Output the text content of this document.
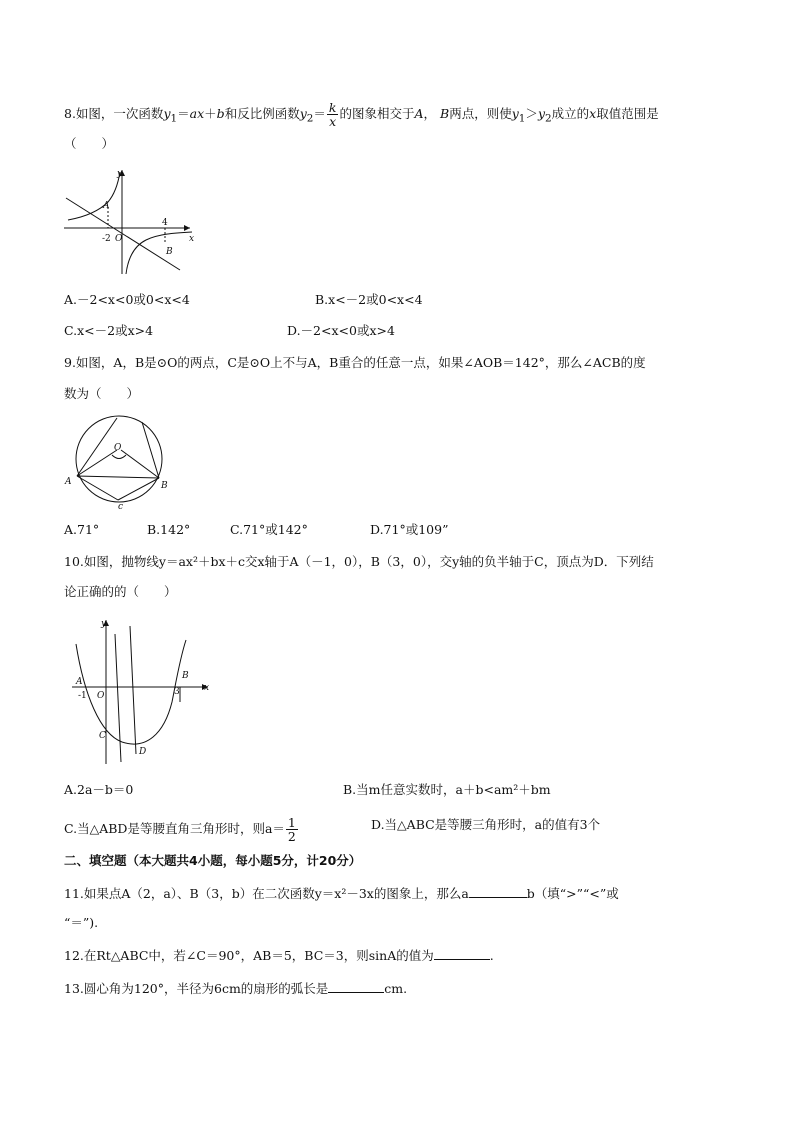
8.如图，一次函数$y_1=ax+b$和反比例函数$y_2= \frac{k}{x}$ 的图象相交于A， B两点，则使$y_1>y_2$成立的x取值范围是
（　　）
y
x
A
B
-2 O
4
A.－2<x<0或0<x<4	B.x<－2或0<x<4
C.x<－2或x>4	D.－2<x<0或x>4
9.如图，A，B是⊙O的两点，C是⊙O上不与A，B重合的任意一点，如果∠AOB＝142°，那么∠ACB的度
数为（　　）
O
A	B
c
A.71°	B.142°	C.71°或142°	D.71°或109”
10.如图，抛物线y＝ax²＋bx＋c交x轴于A（－1，0），B（3，0），交y轴的负半轴于C，顶点为D．下列结
论正确的的（　　）
y
x
A
-1 O
B
3
C
D
A.2a－b＝0	B.当m任意实数时，a＋b<am²＋bm
C.当△ABD是等腰直角三角形时，则$a= \frac{1}{2}$	D.当△ABC是等腰三角形时，a的值有3个
二、填空题（本大题共4小题，每小题5分，计20分）
11.如果点A（2，a）、B（3，b）在二次函数y＝x²－3x的图象上，那么a	b（填“>”“<”或
“＝”).
12.在Rt△ABC中，若∠C＝90°，AB＝5，BC＝3，则sinA的值为	.
13.圆心角为120°，半径为6cm的扇形的弧长是	cm.
